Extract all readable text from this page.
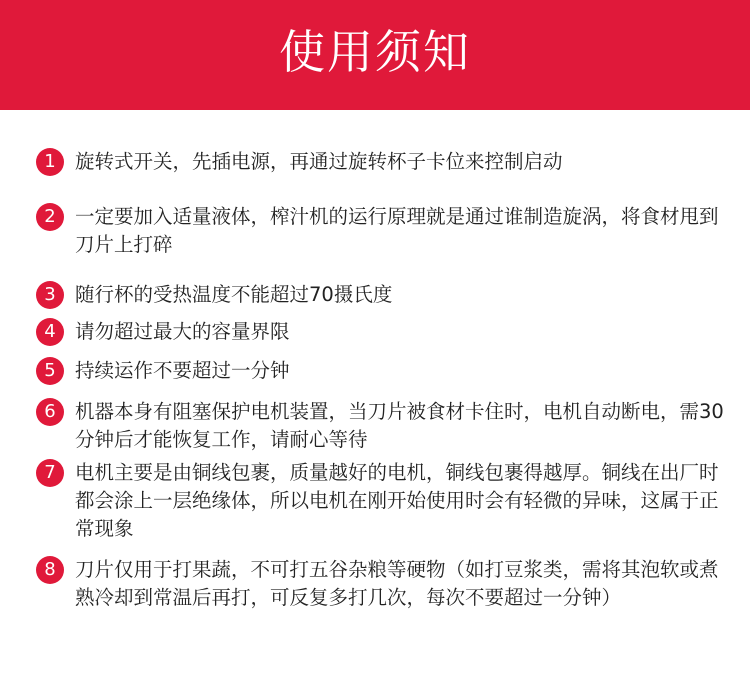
使用须知
1 旋转式开关，先插电源，再通过旋转杯子卡位来控制启动
2 一定要加入适量液体，榨汁机的运行原理就是通过谁制造旋涡，将食材甩到刀片上打碎
3 随行杯的受热温度不能超过70摄氏度
4 请勿超过最大的容量界限
5 持续运作不要超过一分钟
6 机器本身有阻塞保护电机装置，当刀片被食材卡住时，电机自动断电，需30分钟后才能恢复工作，请耐心等待
7 电机主要是由铜线包裹，质量越好的电机，铜线包裹得越厚。铜线在出厂时都会涂上一层绝缘体，所以电机在刚开始使用时会有轻微的异味，这属于正常现象
8 刀片仅用于打果蔬，不可打五谷杂粮等硬物（如打豆浆类，需将其泡软或煮熟冷却到常温后再打，可反复多打几次，每次不要超过一分钟）
